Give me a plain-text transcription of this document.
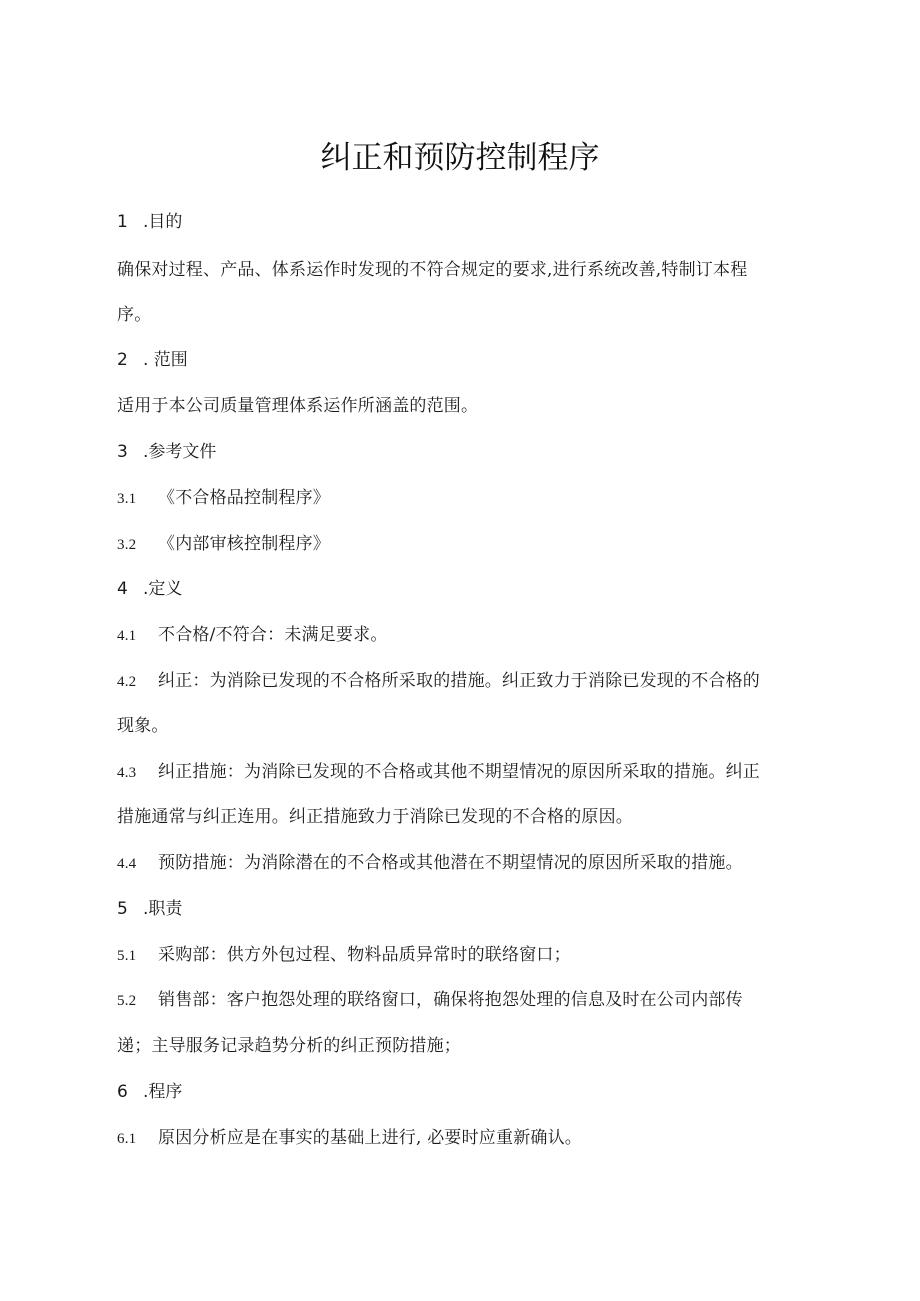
纠正和预防控制程序
1 .目的
确保对过程、产品、体系运作时发现的不符合规定的要求,进行系统改善,特制订本程
序。
2 . 范围
适用于本公司质量管理体系运作所涵盖的范围。
3 .参考文件
3.1 《不合格品控制程序》
3.2 《内部审核控制程序》
4 .定义
4.1 不合格/不符合：未满足要求。
4.2 纠正：为消除已发现的不合格所采取的措施。纠正致力于消除已发现的不合格的
现象。
4.3 纠正措施：为消除已发现的不合格或其他不期望情况的原因所采取的措施。纠正
措施通常与纠正连用。纠正措施致力于消除已发现的不合格的原因。
4.4 预防措施：为消除潜在的不合格或其他潜在不期望情况的原因所采取的措施。
5 .职责
5.1 采购部：供方外包过程、物料品质异常时的联络窗口；
5.2 销售部：客户抱怨处理的联络窗口，确保将抱怨处理的信息及时在公司内部传
递；主导服务记录趋势分析的纠正预防措施；
6 .程序
6.1 原因分析应是在事实的基础上进行, 必要时应重新确认。
